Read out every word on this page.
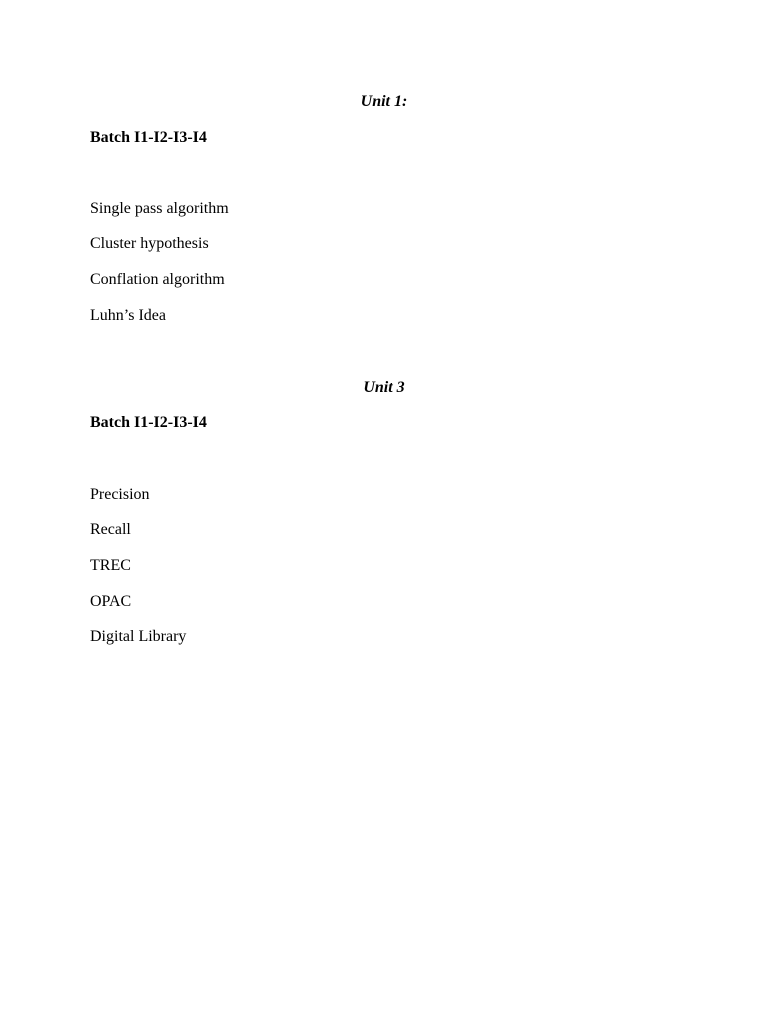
Unit 1:
Batch I1-I2-I3-I4
Single pass algorithm
Cluster hypothesis
Conflation algorithm
Luhn’s Idea
Unit 3
Batch I1-I2-I3-I4
Precision
Recall
TREC
OPAC
Digital Library
